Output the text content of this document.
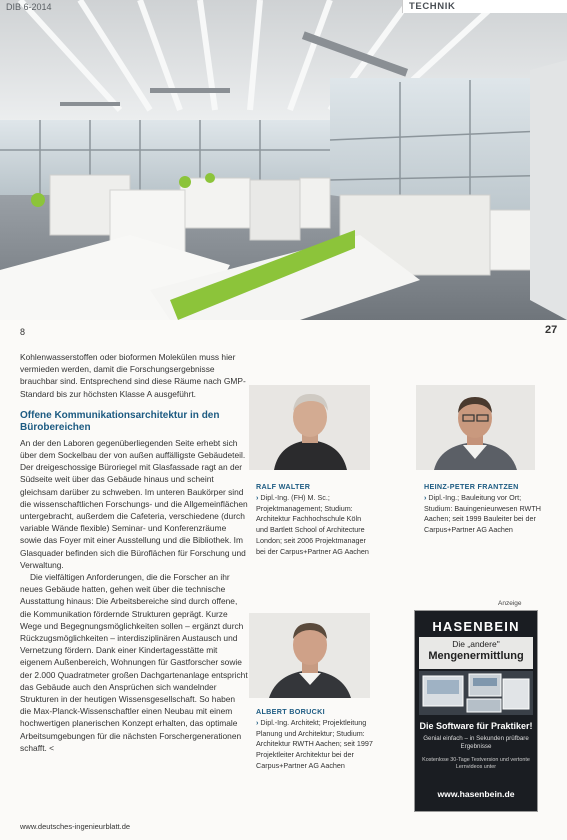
DIB 6-2014	TECHNIK
8	27

Kohlenwasserstoffen oder bioformen Molekülen muss hier vermieden werden, damit die Forschungsergebnisse brauchbar sind. Entsprechend sind diese Räume nach GMP-Standard bis zur höchsten Klasse A ausgeführt.

Offene Kommunikationsarchitektur in den Bürobereichen

An der den Laboren gegenüberliegenden Seite erhebt sich über dem Sockelbau der von außen auffälligste Gebäudeteil. Der dreigeschossige Büroriegel mit Glasfassade ragt an der Südseite weit über das Gebäude hinaus und scheint gleichsam darüber zu schweben. Im unteren Baukörper sind die wissenschaftlichen Forschungs- und die Allgemeinflächen untergebracht, außerdem die Cafeteria, verschiedene (durch variable Wände flexible) Seminar- und Konferenzräume sowie das Foyer mit einer Ausstellung und die Bibliothek. Im Glasquader befinden sich die Büroflächen für Forschung und Verwaltung.

Die vielfältigen Anforderungen, die die Forscher an ihr neues Gebäude hatten, gehen weit über die technische Ausstattung hinaus: Die Arbeitsbereiche sind durch offene, die Kommunikation fördernde Strukturen geprägt. Kurze Wege und Begegnungsmöglichkeiten sollen – ergänzt durch Rückzugsmöglichkeiten – interdisziplinären Austausch und Vernetzung fördern. Dank einer Kindertagesstätte mit eigenem Außenbereich, Wohnungen für Gastforscher sowie der 2.000 Quadratmeter großen Dachgartenanlage entspricht das Gebäude auch den Ansprüchen sich wandelnder Strukturen in der heutigen Wissensgesellschaft. So haben die Max-Planck-Wissenschaftler einen Neubau mit einem hochwertigen planerischen Konzept erhalten, das optimale Arbeitsumgebungen für die nächsten Forschergenerationen schafft. <

RALF WALTER
› Dipl.-Ing. (FH) M. Sc.; Projektmanagement; Studium: Architektur Fachhochschule Köln und Bartlett School of Architecture London; seit 2006 Projektmanager bei der Carpus+Partner AG Aachen
HEINZ-PETER FRANTZEN
› Dipl.-Ing.; Bauleitung vor Ort; Studium: Bauingenieurwesen RWTH Aachen; seit 1999 Bauleiter bei der Carpus+Partner AG Aachen
ALBERT BORUCKI
› Dipl.-Ing. Architekt; Projektleitung Planung und Architektur; Studium: Architektur RWTH Aachen; seit 1997 Projektleiter Architektur bei der Carpus+Partner AG Aachen
Anzeige
HASENBEIN
Die „andere"
Mengenermittlung
Die Software für Praktiker!
Genial einfach – in Sekunden prüfbare Ergebnisse
Kostenlose 30-Tage Testversion und vertonte Lernvideos unter
www.hasenbein.de
www.deutsches-ingenieurblatt.de
